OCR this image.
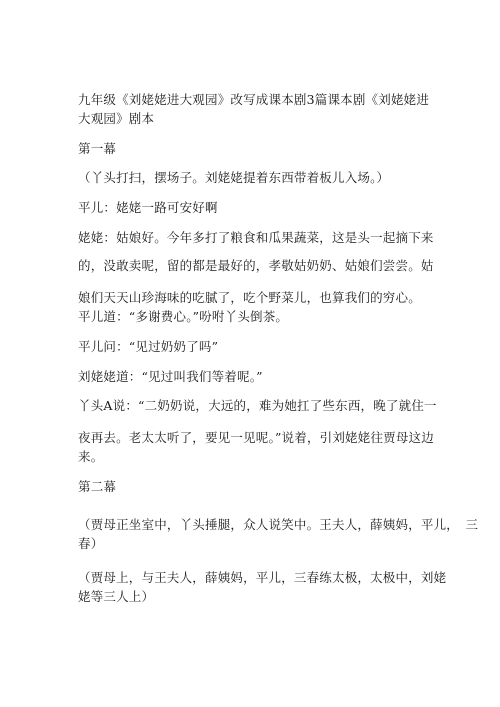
九年级《刘姥姥进大观园》改写成课本剧3篇课本剧《刘姥姥进
大观园》剧本
第一幕
（丫头打扫，摆场子。刘姥姥提着东西带着板儿入场。）
平儿：姥姥一路可安好啊
姥姥：姑娘好。今年多打了粮食和瓜果蔬菜，这是头一起摘下来
的，没敢卖呢，留的都是最好的，孝敬姑奶奶、姑娘们尝尝。姑
娘们天天山珍海味的吃腻了，吃个野菜儿，也算我们的穷心。
平儿道：“多谢费心。”吩咐丫头倒茶。
平儿问：“见过奶奶了吗”
刘姥姥道：“见过叫我们等着呢。”
丫头A说：“二奶奶说，大远的，难为她扛了些东西，晚了就住一
夜再去。老太太听了，要见一见呢。”说着，引刘姥姥往贾母这边
来。
第二幕
（贾母正坐室中，丫头捶腿，众人说笑中。王夫人，薛姨妈，平儿，　三
春）
（贾母上，与王夫人，薛姨妈，平儿，三春练太极，太极中，刘姥
姥等三人上）
